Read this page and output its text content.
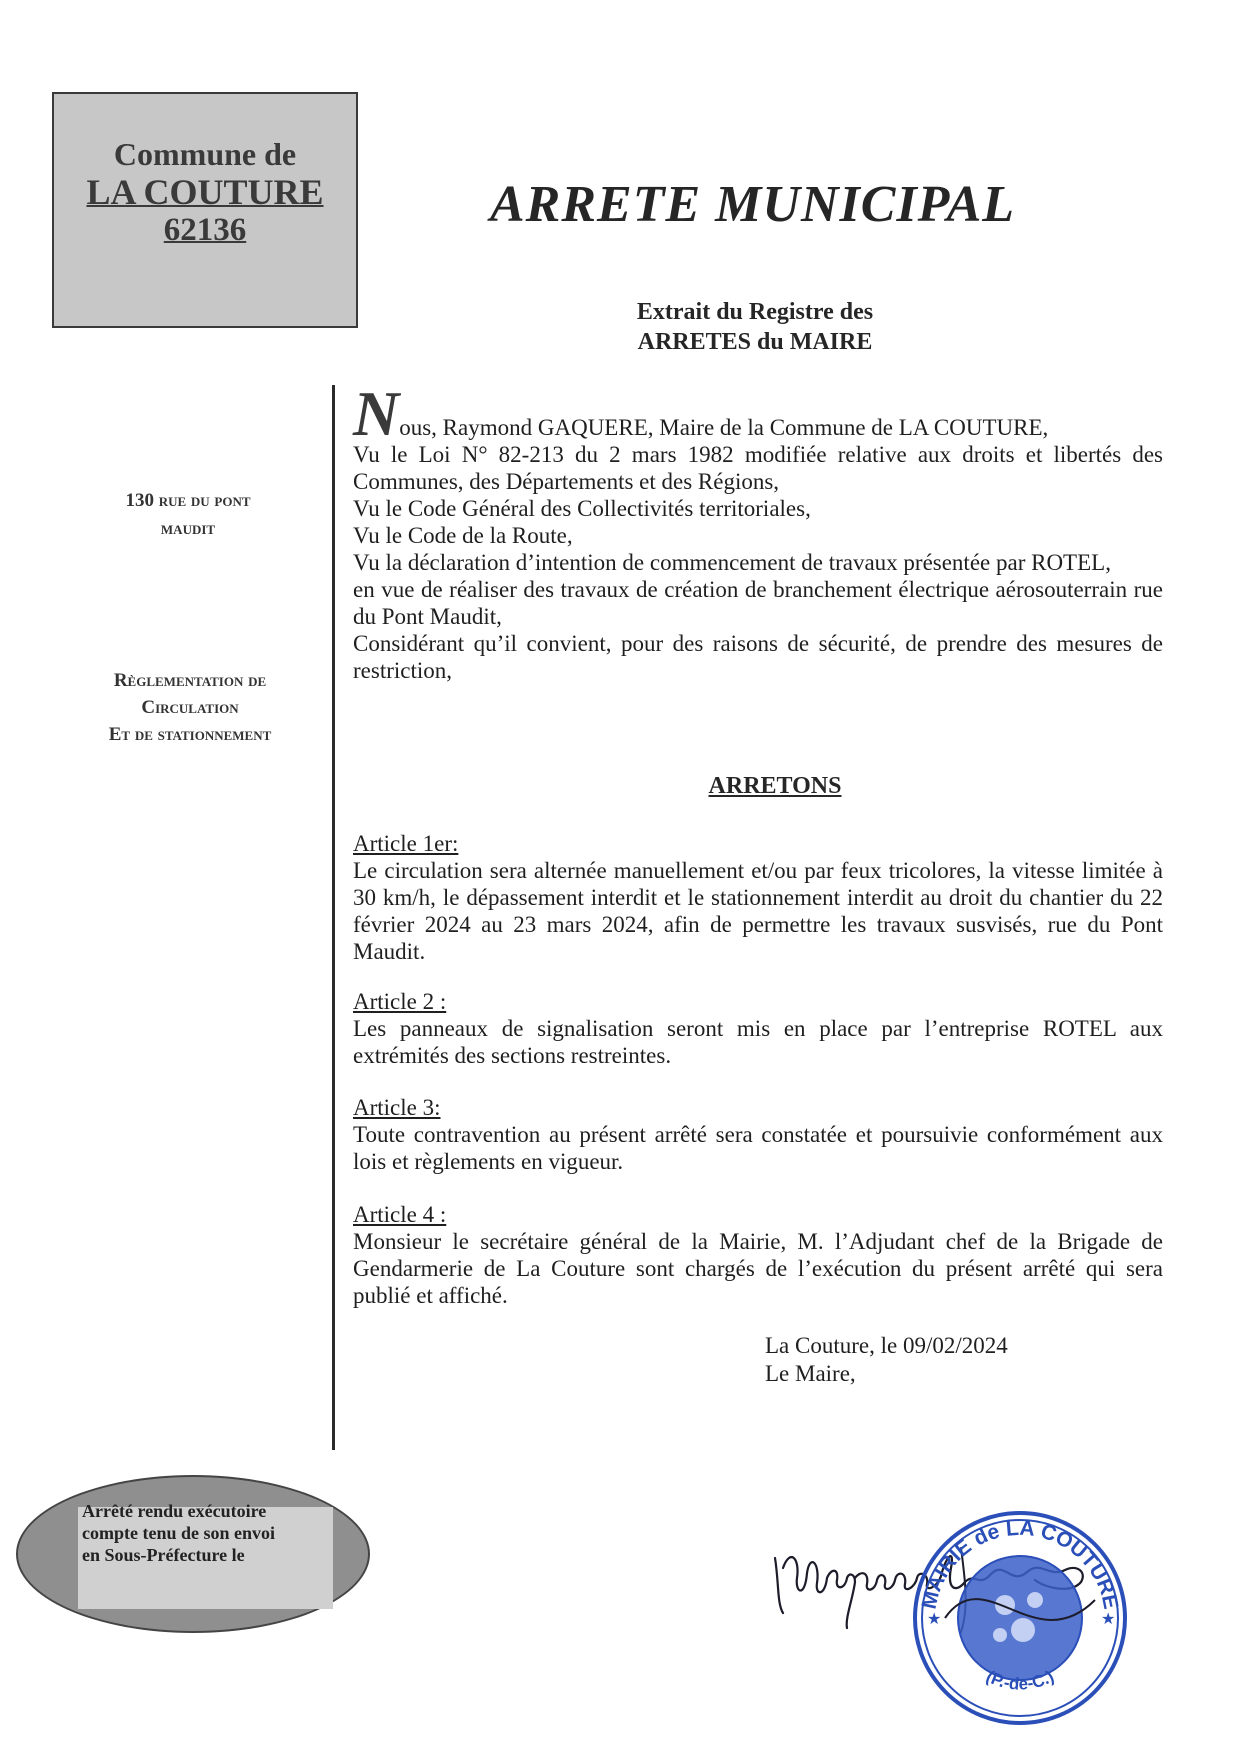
Commune de
LA COUTURE
62136	ARRETE MUNICIPAL
Extrait du Registre des
ARRETES du MAIRE
130 rue du pont
maudit
Règlementation de
Circulation
Et de stationnement

Nous, Raymond GAQUERE, Maire de la Commune de LA COUTURE,

Vu le Loi N° 82-213 du 2 mars 1982 modifiée relative aux droits et libertés des Communes, des Départements et des Régions,

Vu le Code Général des Collectivités territoriales,

Vu le Code de la Route,

Vu la déclaration d’intention de commencement de travaux présentée par ROTEL,

en vue de réaliser des travaux de création de branchement électrique aérosouterrain rue du Pont Maudit,

Considérant qu’il convient, pour des raisons de sécurité, de prendre des mesures de restriction,

ARRETONS
Article 1er:
Le circulation sera alternée manuellement et/ou par feux tricolores, la vitesse limitée à 30 km/h, le dépassement interdit et le stationnement interdit au droit du chantier du 22 février 2024 au 23 mars 2024, afin de permettre les travaux susvisés, rue du Pont Maudit.
Article 2 :
Les panneaux de signalisation seront mis en place par l’entreprise ROTEL aux extrémités des sections restreintes.
Article 3:
Toute contravention au présent arrêté sera constatée et poursuivie conformément aux lois et règlements en vigueur.
Article 4 :
Monsieur le secrétaire général de la Mairie, M. l’Adjudant chef de la Brigade de Gendarmerie de La Couture sont chargés de l’exécution du présent arrêté qui sera publié et affiché.
La Couture, le 09/02/2024
Le Maire,
Arrêté rendu exécutoire
compte tenu de son envoi
en Sous-Préfecture le
MAIRIE de LA COUTURE
(P.-de-C.)
★	★
